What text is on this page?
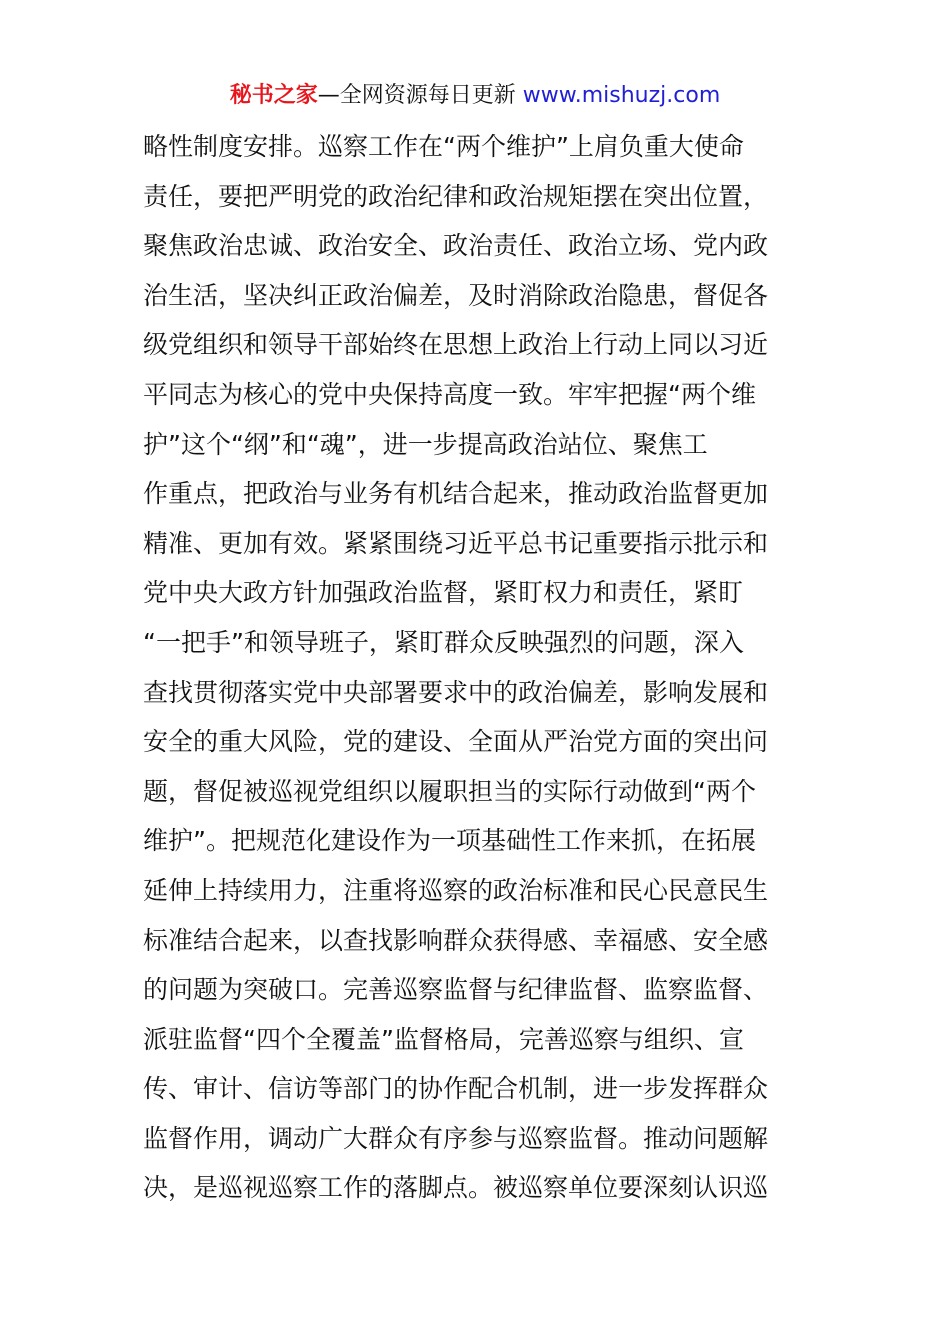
秘书之家—全网资源每日更新 www.mishuzj.com
略性制度安排。巡察工作在“两个维护”上肩负重大使命
责任，要把严明党的政治纪律和政治规矩摆在突出位置，
聚焦政治忠诚、政治安全、政治责任、政治立场、党内政
治生活，坚决纠正政治偏差，及时消除政治隐患，督促各
级党组织和领导干部始终在思想上政治上行动上同以习近
平同志为核心的党中央保持高度一致。牢牢把握“两个维
护”这个“纲”和“魂”，进一步提高政治站位、聚焦工
作重点，把政治与业务有机结合起来，推动政治监督更加
精准、更加有效。紧紧围绕习近平总书记重要指示批示和
党中央大政方针加强政治监督，紧盯权力和责任，紧盯
“一把手”和领导班子，紧盯群众反映强烈的问题，深入
查找贯彻落实党中央部署要求中的政治偏差，影响发展和
安全的重大风险，党的建设、全面从严治党方面的突出问
题，督促被巡视党组织以履职担当的实际行动做到“两个
维护”。把规范化建设作为一项基础性工作来抓，在拓展
延伸上持续用力，注重将巡察的政治标准和民心民意民生
标准结合起来，以查找影响群众获得感、幸福感、安全感
的问题为突破口。完善巡察监督与纪律监督、监察监督、
派驻监督“四个全覆盖”监督格局，完善巡察与组织、宣
传、审计、信访等部门的协作配合机制，进一步发挥群众
监督作用，调动广大群众有序参与巡察监督。推动问题解
决，是巡视巡察工作的落脚点。被巡察单位要深刻认识巡
